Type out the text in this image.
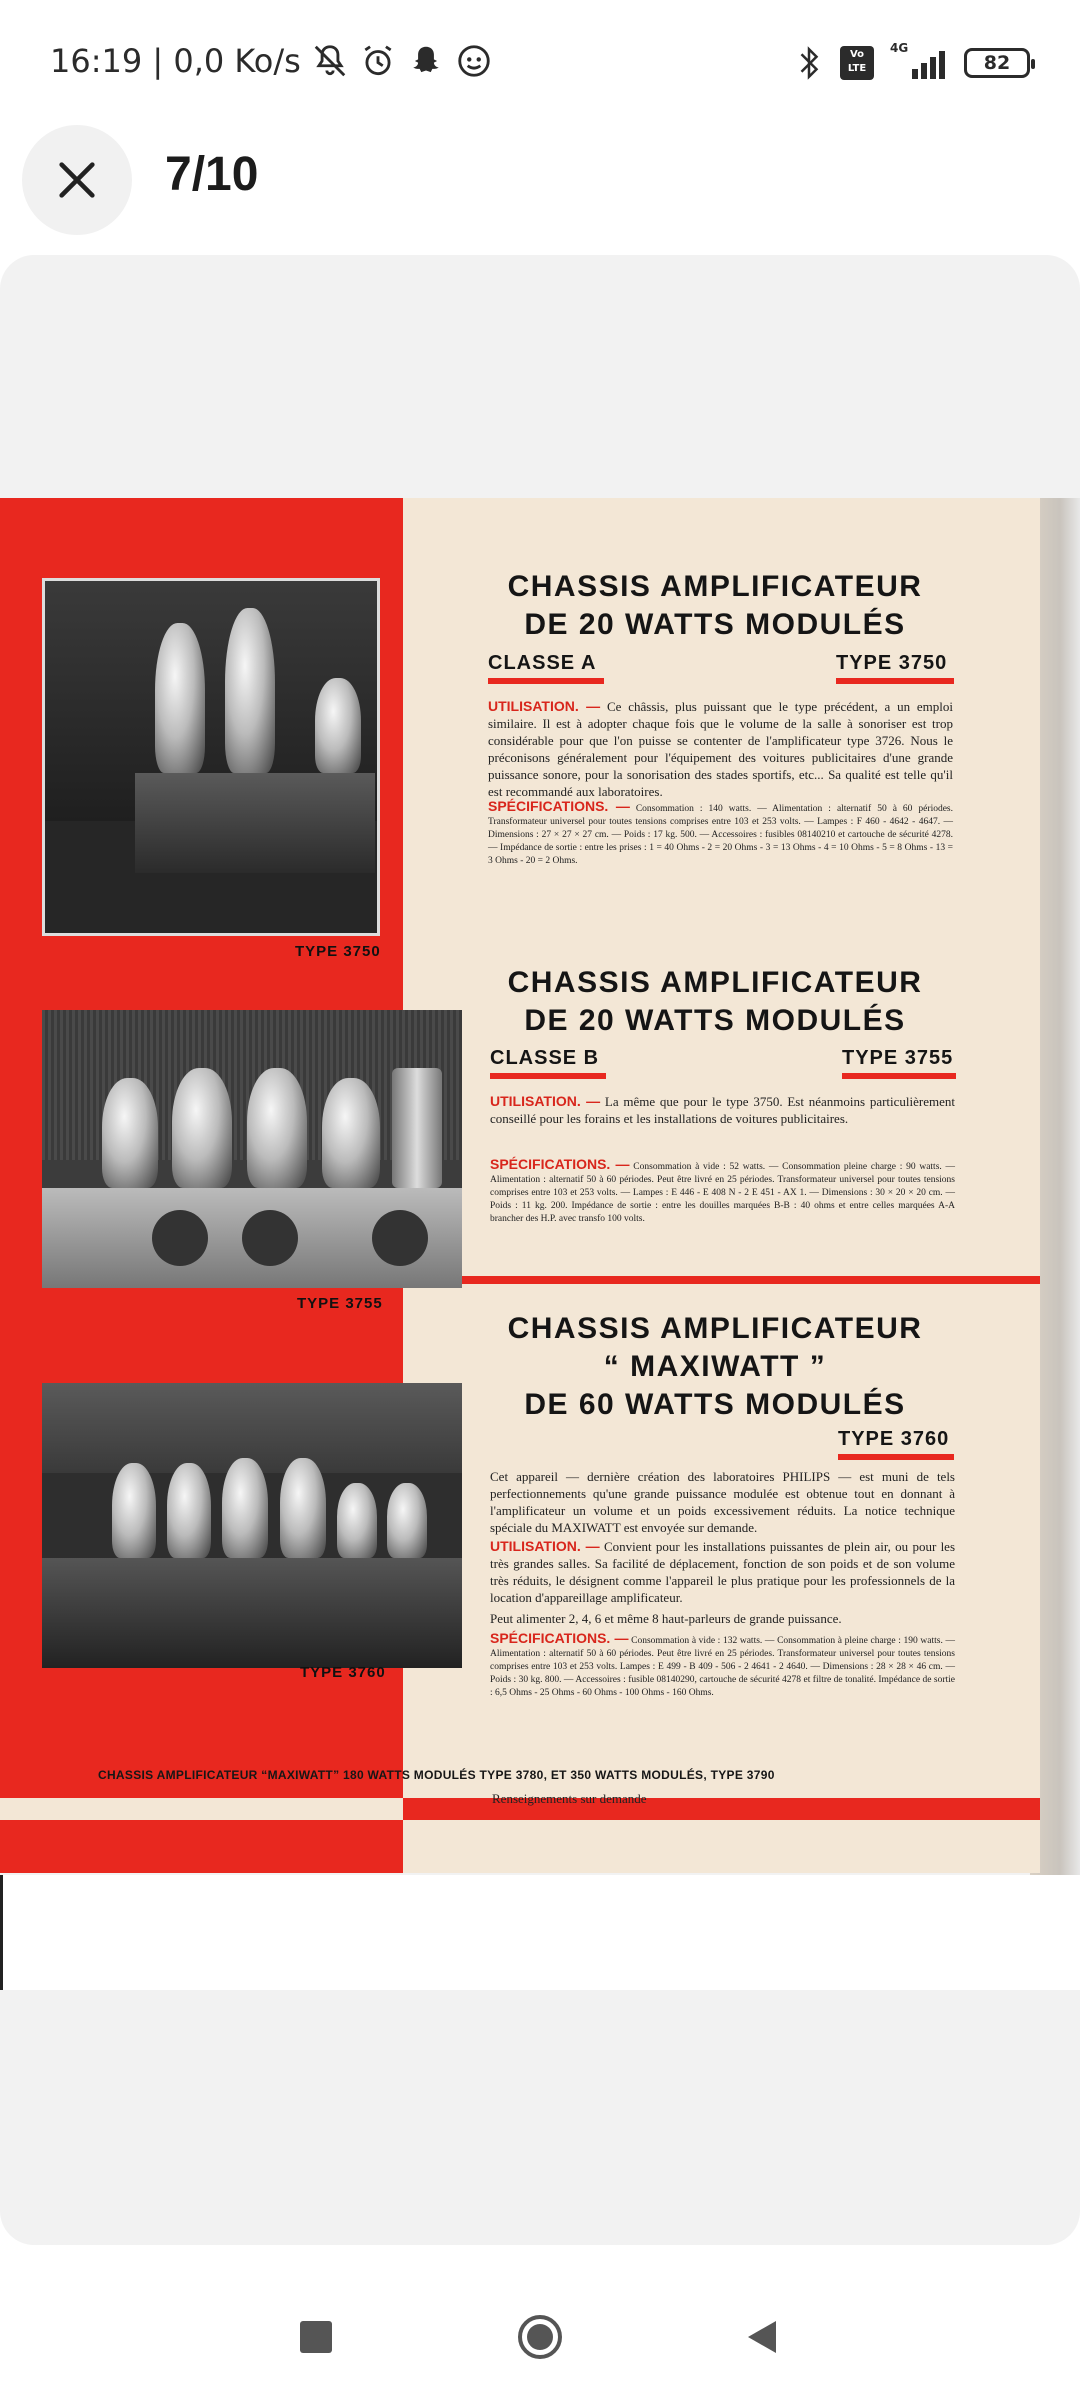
16:19 | 0,0 Ko/s	Vo LTE
4G
82
7/10
TYPE 3750
TYPE 3755
TYPE 3760
CHASSIS AMPLIFICATEUR
DE 20 WATTS MODULÉS
CLASSE A	TYPE 3750
UTILISATION. — Ce châssis, plus puissant que le type précédent, a un emploi similaire. Il est à adopter chaque fois que le volume de la salle à sonoriser est trop considérable pour que l'on puisse se contenter de l'amplificateur type 3726. Nous le préconisons généralement pour l'équipement des voitures publicitaires d'une grande puissance sonore, pour la sonorisation des stades sportifs, etc... Sa qualité est telle qu'il est recommandé aux laboratoires.
SPÉCIFICATIONS. — Consommation : 140 watts. — Alimentation : alternatif 50 à 60 périodes. Transformateur universel pour toutes tensions comprises entre 103 et 253 volts. — Lampes : F 460 - 4642 - 4647. — Dimensions : 27 × 27 × 27 cm. — Poids : 17 kg. 500. — Accessoires : fusibles 08140210 et cartouche de sécurité 4278. — Impédance de sortie : entre les prises : 1 = 40 Ohms - 2 = 20 Ohms - 3 = 13 Ohms - 4 = 10 Ohms - 5 = 8 Ohms - 13 = 3 Ohms - 20 = 2 Ohms.
CHASSIS AMPLIFICATEUR
DE 20 WATTS MODULÉS
CLASSE B	TYPE 3755
UTILISATION. — La même que pour le type 3750. Est néanmoins particulièrement conseillé pour les forains et les installations de voitures publicitaires.
SPÉCIFICATIONS. — Consommation à vide : 52 watts. — Consommation pleine charge : 90 watts. — Alimentation : alternatif 50 à 60 périodes. Peut être livré en 25 périodes. Transformateur universel pour toutes tensions comprises entre 103 et 253 volts. — Lampes : E 446 - E 408 N - 2 E 451 - AX 1. — Dimensions : 30 × 20 × 20 cm. — Poids : 11 kg. 200. Impédance de sortie : entre les douilles marquées B-B : 40 ohms et entre celles marquées A-A brancher des H.P. avec transfo 100 volts.
CHASSIS AMPLIFICATEUR
“ MAXIWATT ”
DE 60 WATTS MODULÉS
TYPE 3760
Cet appareil — dernière création des laboratoires PHILIPS — est muni de tels perfectionnements qu'une grande puissance modulée est obtenue tout en donnant à l'amplificateur un volume et un poids excessivement réduits. La notice technique spéciale du MAXIWATT est envoyée sur demande.
UTILISATION. — Convient pour les installations puissantes de plein air, ou pour les très grandes salles. Sa facilité de déplacement, fonction de son poids et de son volume très réduits, le désignent comme l'appareil le plus pratique pour les professionnels de la location d'appareillage amplificateur.
Peut alimenter 2, 4, 6 et même 8 haut-parleurs de grande puissance.
SPÉCIFICATIONS. — Consommation à vide : 132 watts. — Consommation à pleine charge : 190 watts. — Alimentation : alternatif 50 à 60 périodes. Peut être livré en 25 périodes. Transformateur universel pour toutes tensions comprises entre 103 et 253 volts. Lampes : E 499 - B 409 - 506 - 2 4641 - 2 4640. — Dimensions : 28 × 28 × 46 cm. — Poids : 30 kg. 800. — Accessoires : fusible 08140290, cartouche de sécurité 4278 et filtre de tonalité. Impédance de sortie : 6,5 Ohms - 25 Ohms - 60 Ohms - 100 Ohms - 160 Ohms.
CHASSIS AMPLIFICATEUR “MAXIWATT” 180 WATTS MODULÉS TYPE 3780, ET 350 WATTS MODULÉS, TYPE 3790
Renseignements sur demande
